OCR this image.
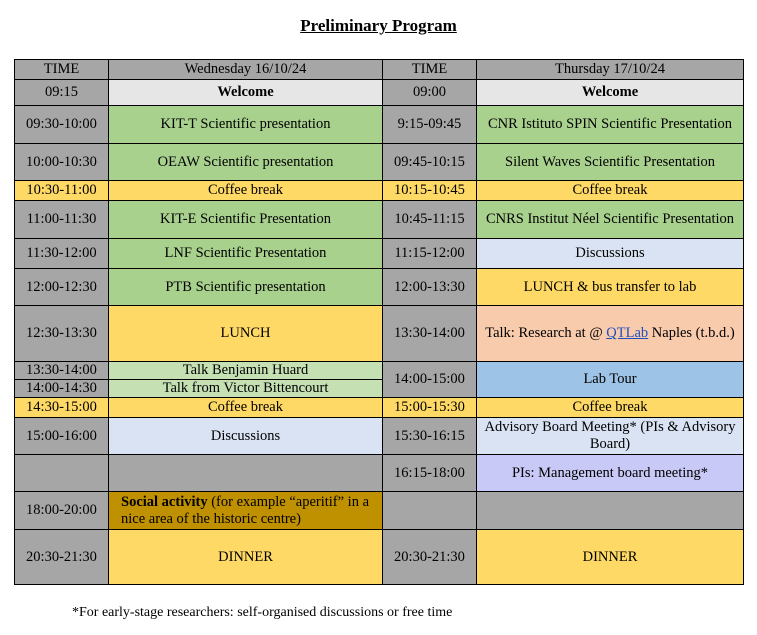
Preliminary Program
TIME	Wednesday 16/10/24	TIME	Thursday 17/10/24
09:15	Welcome	09:00	Welcome
09:30-10:00	KIT-T Scientific presentation	9:15-09:45	CNR Istituto SPIN Scientific Presentation
10:00-10:30	OEAW Scientific presentation	09:45-10:15	Silent Waves Scientific Presentation
10:30-11:00	Coffee break	10:15-10:45	Coffee break
11:00-11:30	KIT-E Scientific Presentation	10:45-11:15	CNRS Institut Néel Scientific Presentation
11:30-12:00	LNF Scientific Presentation	11:15-12:00	Discussions
12:00-12:30	PTB Scientific presentation	12:00-13:30	LUNCH & bus transfer to lab
12:30-13:30	LUNCH	13:30-14:00	Talk: Research at @ QTLab Naples (t.b.d.)
13:30-14:00	Talk Benjamin Huard	14:00-15:00	Lab Tour
14:00-14:30	Talk from Victor Bittencourt		
14:30-15:00	Coffee break	15:00-15:30	Coffee break
15:00-16:00	Discussions	15:30-16:15	Advisory Board Meeting* (PIs & Advisory Board)
		16:15-18:00	PIs: Management board meeting*
18:00-20:00	Social activity (for example “aperitif” in a nice area of the historic centre)		
20:30-21:30	DINNER	20:30-21:30	DINNER
*For early-stage researchers: self-organised discussions or free time
